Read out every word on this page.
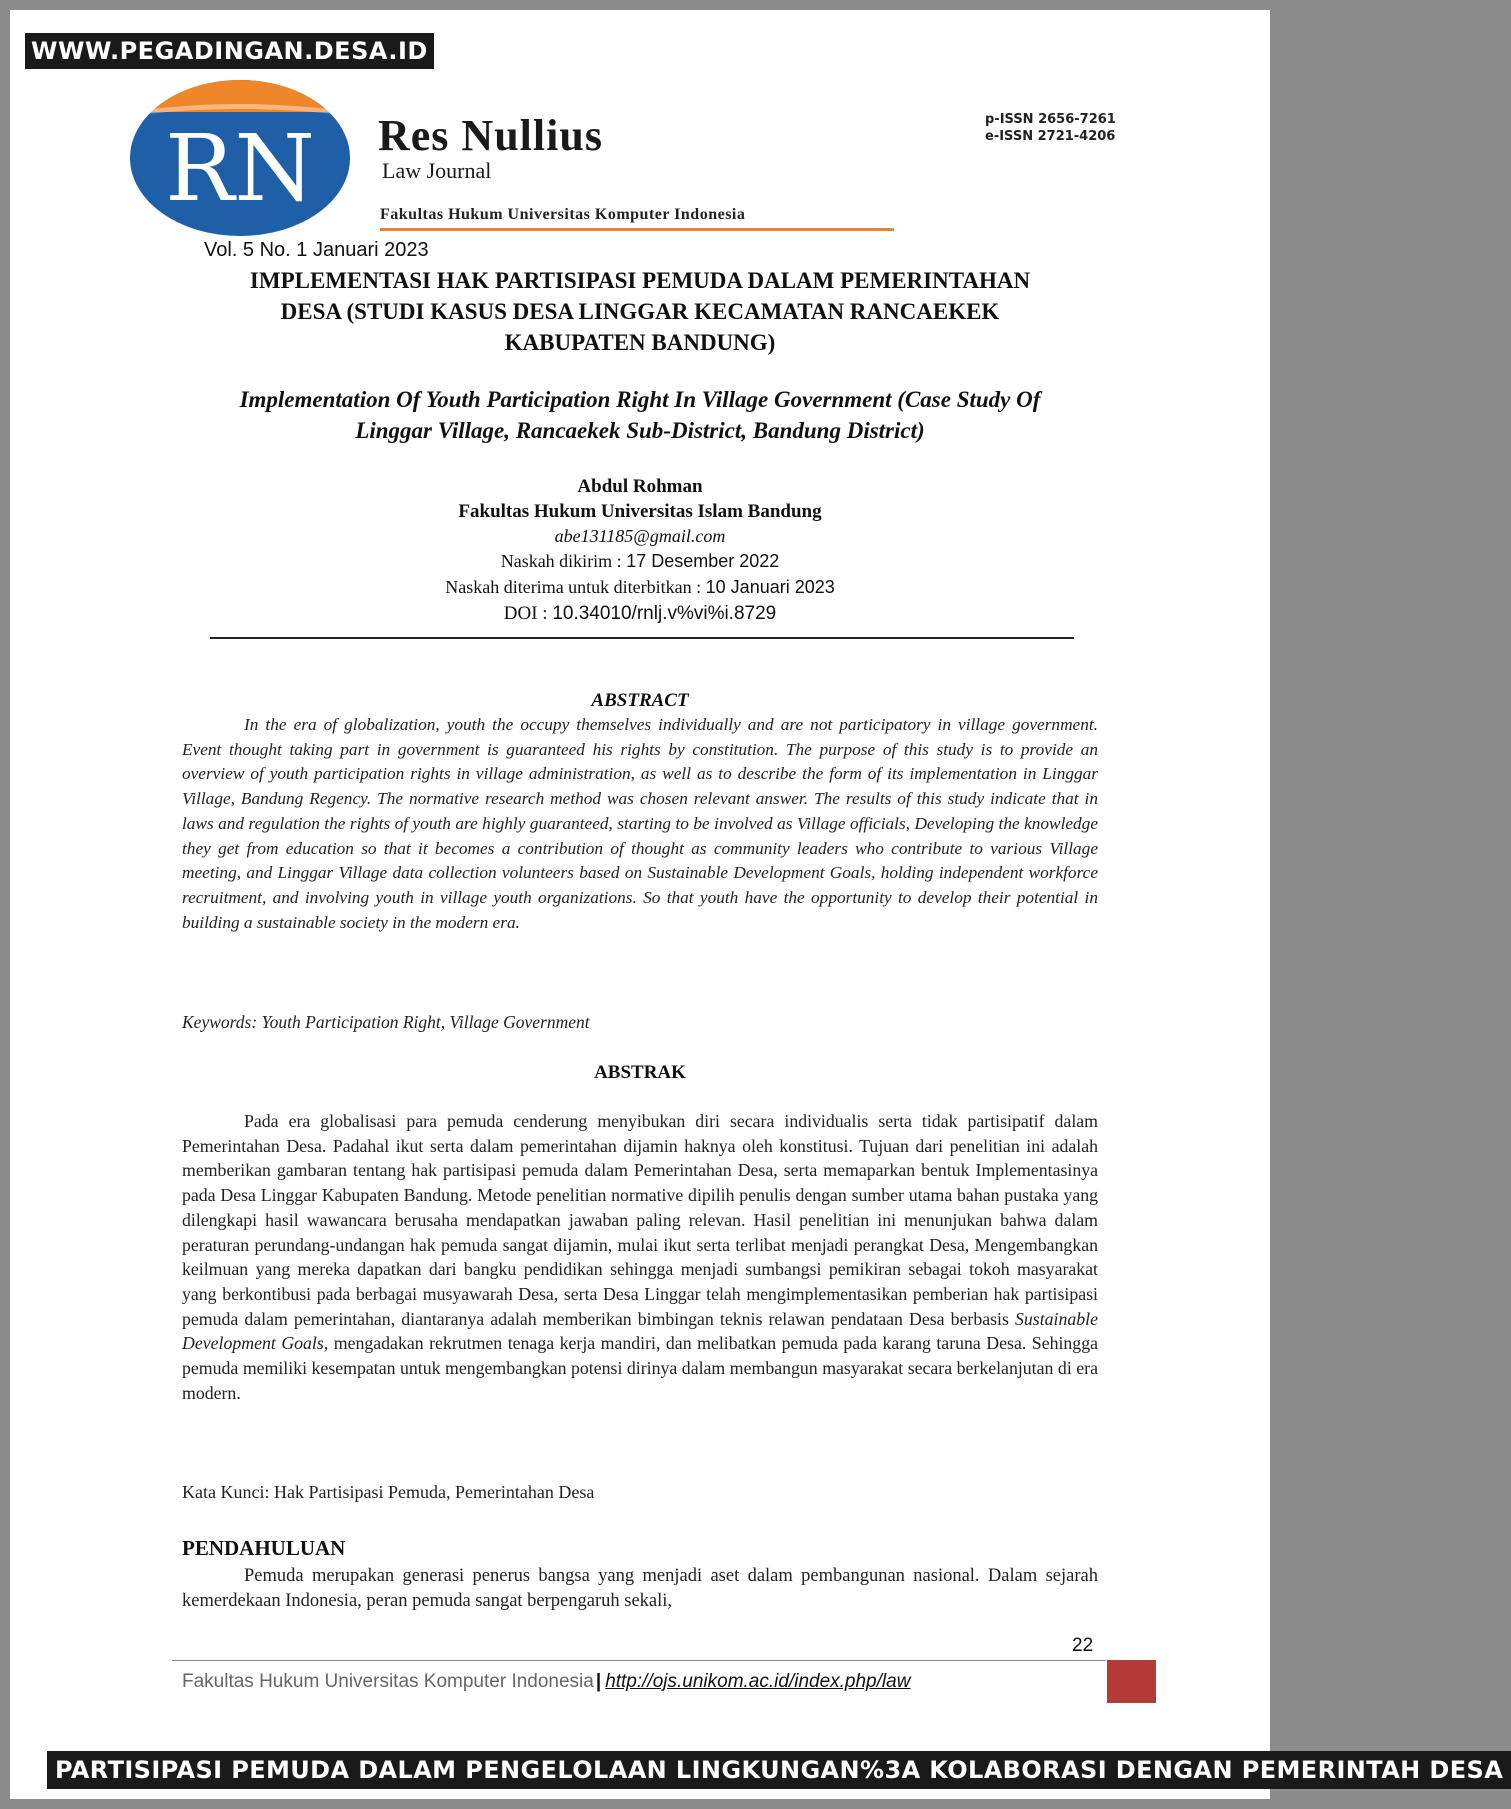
WWW.PEGADINGAN.DESA.ID
RN Res Nullius
Law Journal
Fakultas Hukum Universitas Komputer Indonesia
p-ISSN 2656-7261
e-ISSN 2721-4206
Vol. 5 No. 1 Januari 2023
IMPLEMENTASI HAK PARTISIPASI PEMUDA DALAM PEMERINTAHAN
DESA (STUDI KASUS DESA LINGGAR KECAMATAN RANCAEKEK
KABUPATEN BANDUNG)
Implementation Of Youth Participation Right In Village Government (Case Study Of
Linggar Village, Rancaekek Sub-District, Bandung District)
Abdul Rohman
Fakultas Hukum Universitas Islam Bandung
abe131185@gmail.com
Naskah dikirim : 17 Desember 2022
Naskah diterima untuk diterbitkan : 10 Januari 2023
DOI : 10.34010/rnlj.v%vi%i.8729
ABSTRACT

In the era of globalization, youth the occupy themselves individually and are not participatory in village government. Event thought taking part in government is guaranteed his rights by constitution. The purpose of this study is to provide an overview of youth participation rights in village administration, as well as to describe the form of its implementation in Linggar Village, Bandung Regency. The normative research method was chosen relevant answer. The results of this study indicate that in laws and regulation the rights of youth are highly guaranteed, starting to be involved as Village officials, Developing the knowledge they get from education so that it becomes a contribution of thought as community leaders who contribute to various Village meeting, and Linggar Village data collection volunteers based on Sustainable Development Goals, holding independent workforce recruitment, and involving youth in village youth organizations. So that youth have the opportunity to develop their potential in building a sustainable society in the modern era.

Keywords: Youth Participation Right, Village Government
ABSTRAK

Pada era globalisasi para pemuda cenderung menyibukan diri secara individualis serta tidak partisipatif dalam Pemerintahan Desa. Padahal ikut serta dalam pemerintahan dijamin haknya oleh konstitusi. Tujuan dari penelitian ini adalah memberikan gambaran tentang hak partisipasi pemuda dalam Pemerintahan Desa, serta memaparkan bentuk Implementasinya pada Desa Linggar Kabupaten Bandung. Metode penelitian normative dipilih penulis dengan sumber utama bahan pustaka yang dilengkapi hasil wawancara berusaha mendapatkan jawaban paling relevan. Hasil penelitian ini menunjukan bahwa dalam peraturan perundang-undangan hak pemuda sangat dijamin, mulai ikut serta terlibat menjadi perangkat Desa, Mengembangkan keilmuan yang mereka dapatkan dari bangku pendidikan sehingga menjadi sumbangsi pemikiran sebagai tokoh masyarakat yang berkontibusi pada berbagai musyawarah Desa, serta Desa Linggar telah mengimplementasikan pemberian hak partisipasi pemuda dalam pemerintahan, diantaranya adalah memberikan bimbingan teknis relawan pendataan Desa berbasis Sustainable Development Goals, mengadakan rekrutmen tenaga kerja mandiri, dan melibatkan pemuda pada karang taruna Desa. Sehingga pemuda memiliki kesempatan untuk mengembangkan potensi dirinya dalam membangun masyarakat secara berkelanjutan di era modern.

Kata Kunci: Hak Partisipasi Pemuda, Pemerintahan Desa
PENDAHULUAN

Pemuda merupakan generasi penerus bangsa yang menjadi aset dalam pembangunan nasional. Dalam sejarah kemerdekaan Indonesia, peran pemuda sangat berpengaruh sekali,

22
Fakultas Hukum Universitas Komputer Indonesia | http://ojs.unikom.ac.id/index.php/law
PARTISIPASI PEMUDA DALAM PENGELOLAAN LINGKUNGAN%3A KOLABORASI DENGAN PEMERINTAH DESA
